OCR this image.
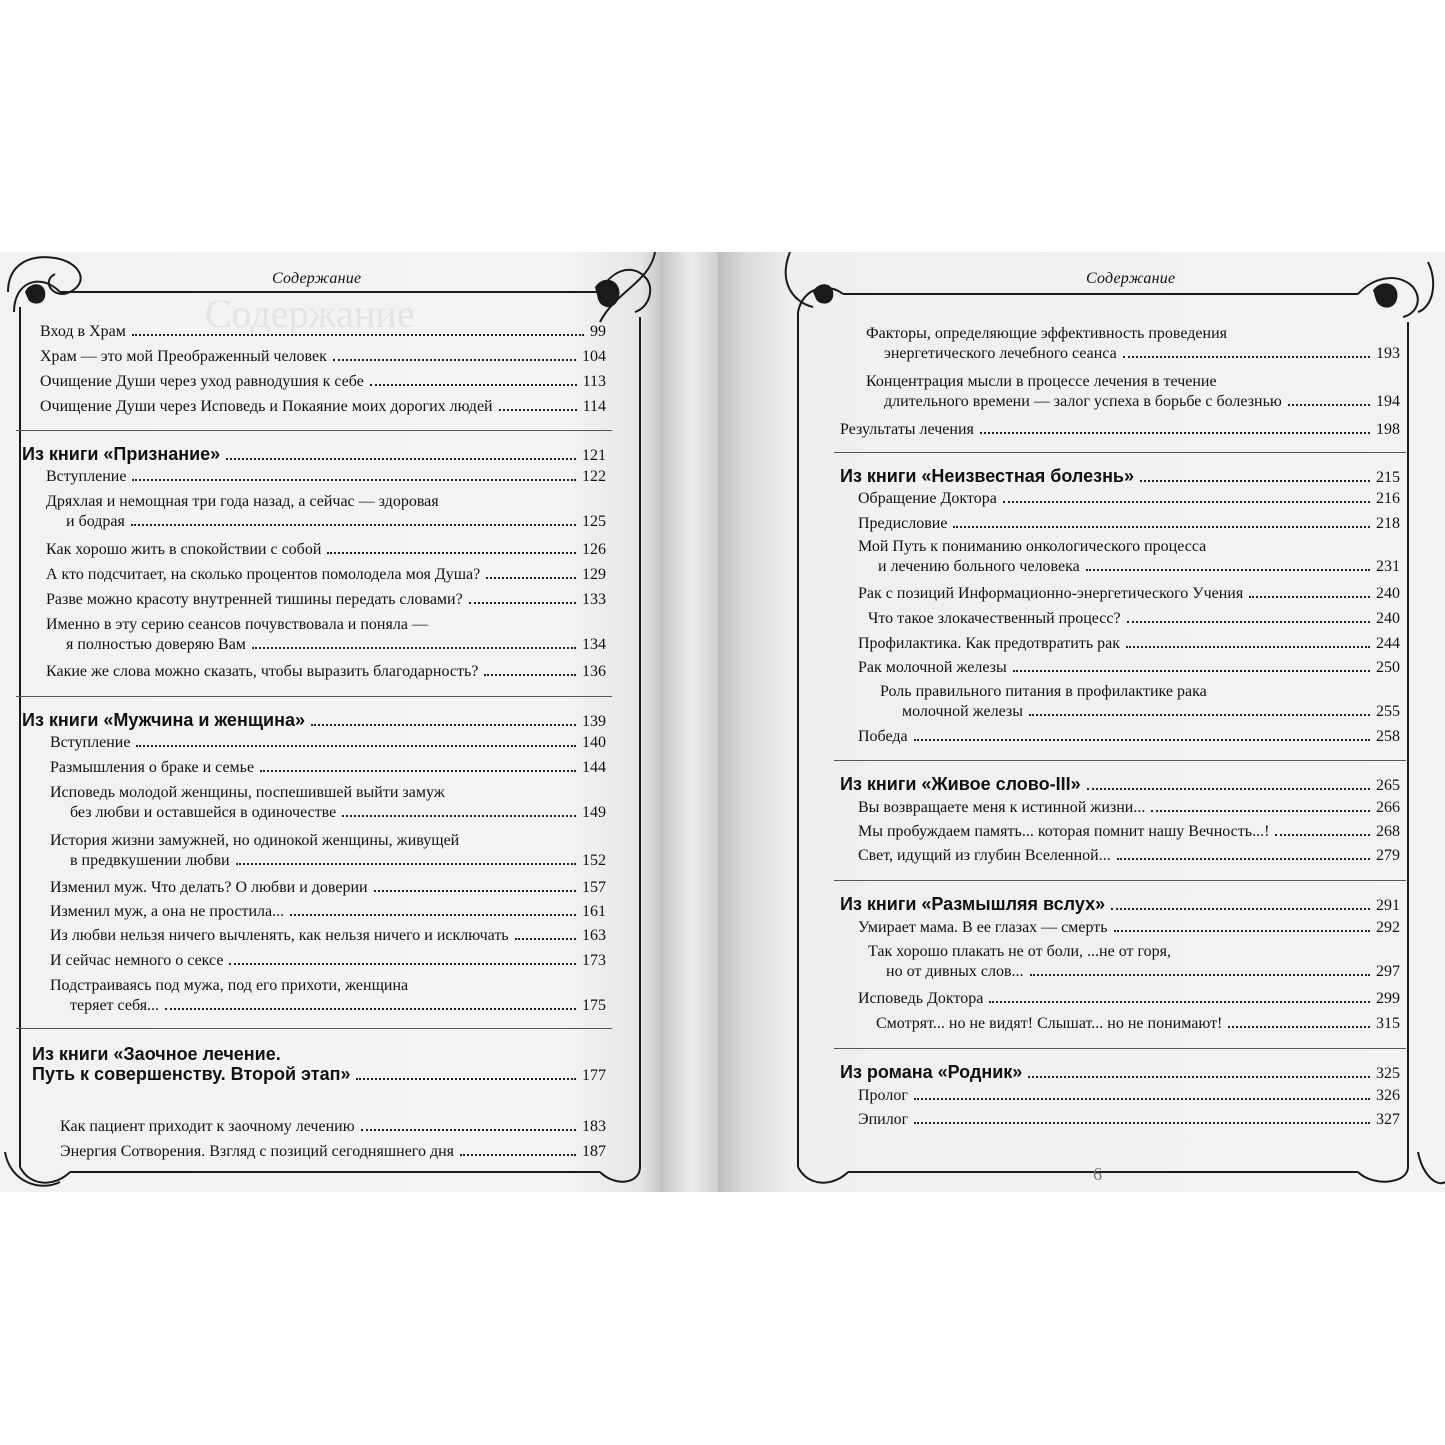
Содержание
Содержание
Вход в Храм	99
Храм — это мой Преображенный человек	104
Очищение Души через уход равнодушия к себе	113
Очищение Души через Исповедь и Покаяние моих дорогих людей	114
Из книги «Признание»	121
Вступление	122
Дряхлая и немощная три года назад, а сейчас — здоровая
и бодрая	125
Как хорошо жить в спокойствии с собой	126
А кто подсчитает, на сколько процентов помолодела моя Душа?	129
Разве можно красоту внутренней тишины передать словами?	133
Именно в эту серию сеансов почувствовала и поняла —
я полностью доверяю Вам	134
Какие же слова можно сказать, чтобы выразить благодарность?	136
Из книги «Мужчина и женщина»	139
Вступление	140
Размышления о браке и семье	144
Исповедь молодой женщины, поспешившей выйти замуж
без любви и оставшейся в одиночестве	149
История жизни замужней, но одинокой женщины, живущей
в предвкушении любви	152
Изменил муж. Что делать? О любви и доверии	157
Изменил муж, а она не простила...	161
Из любви нельзя ничего вычленять, как нельзя ничего и исключать	163
И сейчас немного о сексе	173
Подстраиваясь под мужа, под его прихоти, женщина
теряет себя...	175
Из книги «Заочное лечение.
Путь к совершенству. Второй этап»	177
Как пациент приходит к заочному лечению	183
Энергия Сотворения. Взгляд с позиций сегодняшнего дня	187
Содержание
Факторы, определяющие эффективность проведения
энергетического лечебного сеанса	193
Концентрация мысли в процессе лечения в течение
длительного времени — залог успеха в борьбе с болезнью	194
Результаты лечения	198
Из книги «Неизвестная болезнь»	215
Обращение Доктора	216
Предисловие	218
Мой Путь к пониманию онкологического процесса
и лечению больного человека	231
Рак с позиций Информационно-энергетического Учения	240
Что такое злокачественный процесс?	240
Профилактика. Как предотвратить рак	244
Рак молочной железы	250
Роль правильного питания в профилактике рака
молочной железы	255
Победа	258
Из книги «Живое слово-III»	265
Вы возвращаете меня к истинной жизни...	266
Мы пробуждаем память... которая помнит нашу Вечность...!	268
Свет, идущий из глубин Вселенной...	279
Из книги «Размышляя вслух»	291
Умирает мама. В ее глазах — смерть	292
Так хорошо плакать не от боли, ...не от горя,
но от дивных слов...	297
Исповедь Доктора	299
Смотрят... но не видят! Слышат... но не понимают!	315
Из романа «Родник»	325
Пролог	326
Эпилог	327
6
